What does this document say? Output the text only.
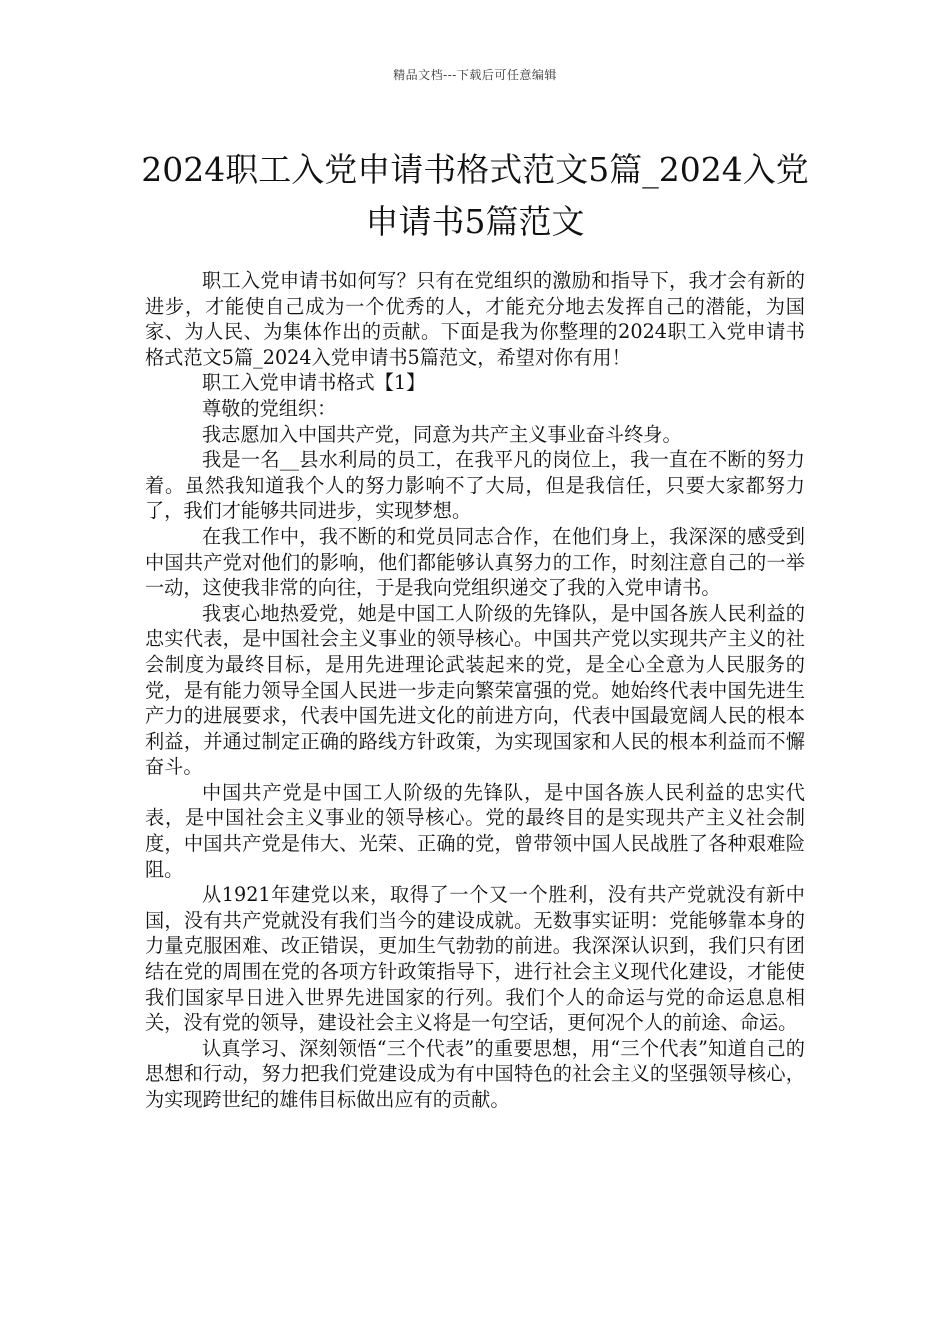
精品文档---下载后可任意编辑
2024职工入党申请书格式范文5篇_2024入党申请书5篇范文

职工入党申请书如何写？只有在党组织的激励和指导下，我才会有新的进步，才能使自己成为一个优秀的人，才能充分地去发挥自己的潜能，为国家、为人民、为集体作出的贡献。下面是我为你整理的2024职工入党申请书格式范文5篇_2024入党申请书5篇范文，希望对你有用！

职工入党申请书格式【1】

尊敬的党组织：

我志愿加入中国共产党，同意为共产主义事业奋斗终身。

我是一名__县水利局的员工，在我平凡的岗位上，我一直在不断的努力着。虽然我知道我个人的努力影响不了大局，但是我信任，只要大家都努力了，我们才能够共同进步，实现梦想。

在我工作中，我不断的和党员同志合作，在他们身上，我深深的感受到中国共产党对他们的影响，他们都能够认真努力的工作，时刻注意自己的一举一动，这使我非常的向往，于是我向党组织递交了我的入党申请书。

我衷心地热爱党，她是中国工人阶级的先锋队，是中国各族人民利益的忠实代表，是中国社会主义事业的领导核心。中国共产党以实现共产主义的社会制度为最终目标，是用先进理论武装起来的党，是全心全意为人民服务的党，是有能力领导全国人民进一步走向繁荣富强的党。她始终代表中国先进生产力的进展要求，代表中国先进文化的前进方向，代表中国最宽阔人民的根本利益，并通过制定正确的路线方针政策，为实现国家和人民的根本利益而不懈奋斗。

中国共产党是中国工人阶级的先锋队，是中国各族人民利益的忠实代表，是中国社会主义事业的领导核心。党的最终目的是实现共产主义社会制度，中国共产党是伟大、光荣、正确的党，曾带领中国人民战胜了各种艰难险阻。

从1921年建党以来，取得了一个又一个胜利，没有共产党就没有新中国，没有共产党就没有我们当今的建设成就。无数事实证明：党能够靠本身的力量克服困难、改正错误，更加生气勃勃的前进。我深深认识到，我们只有团结在党的周围在党的各项方针政策指导下，进行社会主义现代化建设，才能使我们国家早日进入世界先进国家的行列。我们个人的命运与党的命运息息相关，没有党的领导，建设社会主义将是一句空话，更何况个人的前途、命运。

认真学习、深刻领悟“三个代表”的重要思想，用“三个代表”知道自己的思想和行动，努力把我们党建设成为有中国特色的社会主义的坚强领导核心，为实现跨世纪的雄伟目标做出应有的贡献。
